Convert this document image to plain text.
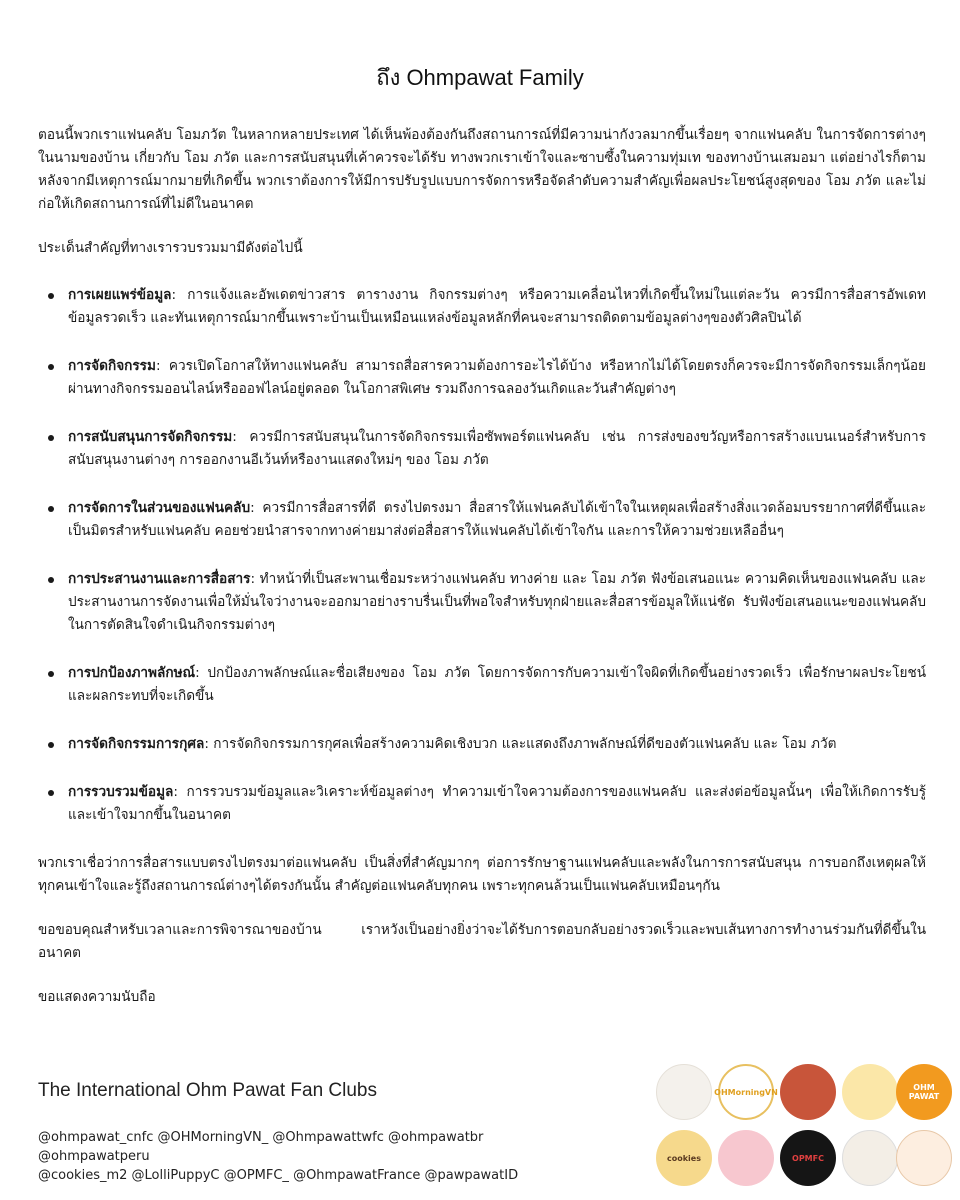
ถึง Ohmpawat Family

ตอนนี้พวกเราแฟนคลับ โอมภวัต ในหลากหลายประเทศ ได้เห็นพ้องต้องกันถึงสถานการณ์ที่มีความน่ากังวลมากขึ้นเรื่อยๆ จากแฟนคลับ ในการจัดการต่างๆในนามของบ้าน เกี่ยวกับ โอม ภวัต และการสนับสนุนที่เค้าควรจะได้รับ ทางพวกเราเข้าใจและซาบซึ้งในความทุ่มเท ของทางบ้านเสมอมา แต่อย่างไรก็ตามหลังจากมีเหตุการณ์มากมายที่เกิดขึ้น พวกเราต้องการให้มีการปรับรูปแบบการจัดการหรือจัดลำดับความสำคัญเพื่อผลประโยชน์สูงสุดของ โอม ภวัต และไม่ก่อให้เกิดสถานการณ์ที่ไม่ดีในอนาคต

ประเด็นสำคัญที่ทางเรารวบรวมมามีดังต่อไปนี้

การเผยแพร่ข้อมูล: การแจ้งและอัพเดตข่าวสาร ตารางงาน กิจกรรมต่างๆ หรือความเคลื่อนไหวที่เกิดขึ้นใหม่ในแต่ละวัน ควรมีการสื่อสารอัพเดทข้อมูลรวดเร็ว และทันเหตุการณ์มากขึ้นเพราะบ้านเป็นเหมือนแหล่งข้อมูลหลักที่คนจะสามารถติดตามข้อมูลต่างๆของตัวศิลปินได้
การจัดกิจกรรม: ควรเปิดโอกาสให้ทางแฟนคลับ สามารถสื่อสารความต้องการอะไรได้บ้าง หรือหากไม่ได้โดยตรงก็ควรจะมีการจัดกิจกรรมเล็กๆน้อย ผ่านทางกิจกรรมออนไลน์หรือออฟไลน์อยู่ตลอด ในโอกาสพิเศษ รวมถึงการฉลองวันเกิดและวันสำคัญต่างๆ
การสนับสนุนการจัดกิจกรรม: ควรมีการสนับสนุนในการจัดกิจกรรมเพื่อซัพพอร์ตแฟนคลับ เช่น การส่งของขวัญหรือการสร้างแบนเนอร์สำหรับการสนับสนุนงานต่างๆ การออกงานอีเว้นท์หรืองานแสดงใหม่ๆ ของ โอม ภวัต
การจัดการในส่วนของแฟนคลับ: ควรมีการสื่อสารที่ดี ตรงไปตรงมา สื่อสารให้แฟนคลับได้เข้าใจในเหตุผลเพื่อสร้างสิ่งแวดล้อมบรรยากาศที่ดีขึ้นและเป็นมิตรสำหรับแฟนคลับ คอยช่วยนำสารจากทางค่ายมาส่งต่อสื่อสารให้แฟนคลับได้เข้าใจกัน และการให้ความช่วยเหลืออื่นๆ
การประสานงานและการสื่อสาร: ทำหน้าที่เป็นสะพานเชื่อมระหว่างแฟนคลับ ทางค่าย และ โอม ภวัต ฟังข้อเสนอแนะ ความคิดเห็นของแฟนคลับ และประสานงานการจัดงานเพื่อให้มั่นใจว่างานจะออกมาอย่างราบรื่นเป็นที่พอใจสำหรับทุกฝ่ายและสื่อสารข้อมูลให้แน่ชัด รับฟังข้อเสนอแนะของแฟนคลับในการตัดสินใจดำเนินกิจกรรมต่างๆ
การปกป้องภาพลักษณ์: ปกป้องภาพลักษณ์และชื่อเสียงของ โอม ภวัต โดยการจัดการกับความเข้าใจผิดที่เกิดขึ้นอย่างรวดเร็ว เพื่อรักษาผลประโยชน์และผลกระทบที่จะเกิดขึ้น
การจัดกิจกรรมการกุศล: การจัดกิจกรรมการกุศลเพื่อสร้างความคิดเชิงบวก และแสดงถึงภาพลักษณ์ที่ดีของตัวแฟนคลับ และ โอม ภวัต
การรวบรวมข้อมูล: การรวบรวมข้อมูลและวิเคราะห์ข้อมูลต่างๆ ทำความเข้าใจความต้องการของแฟนคลับ และส่งต่อข้อมูลนั้นๆ เพื่อให้เกิดการรับรู้และเข้าใจมากขึ้นในอนาคต

พวกเราเชื่อว่าการสื่อสารแบบตรงไปตรงมาต่อแฟนคลับ เป็นสิ่งที่สำคัญมากๆ ต่อการรักษาฐานแฟนคลับและพลังในการการสนับสนุน การบอกถึงเหตุผลให้ทุกคนเข้าใจและรู้ถึงสถานการณ์ต่างๆได้ตรงกันนั้น สำคัญต่อแฟนคลับทุกคน เพราะทุกคนล้วนเป็นแฟนคลับเหมือนๆกัน

ขอขอบคุณสำหรับเวลาและการพิจารณาของบ้าน เราหวังเป็นอย่างยิ่งว่าจะได้รับการตอบกลับอย่างรวดเร็วและพบเส้นทางการทำงานร่วมกันที่ดีขึ้นในอนาคต

ขอแสดงความนับถือ

The International Ohm Pawat Fan Clubs
@ohmpawat_cnfc @OHMorningVN_ @Ohmpawattwfc @ohmpawatbr @ohmpawatperu
@cookies_m2 @LolliPuppyC @OPMFC_ @OhmpawatFrance @pawpawatID
OHMorningVN	OHM PAWAT
cookies	OPMFC
